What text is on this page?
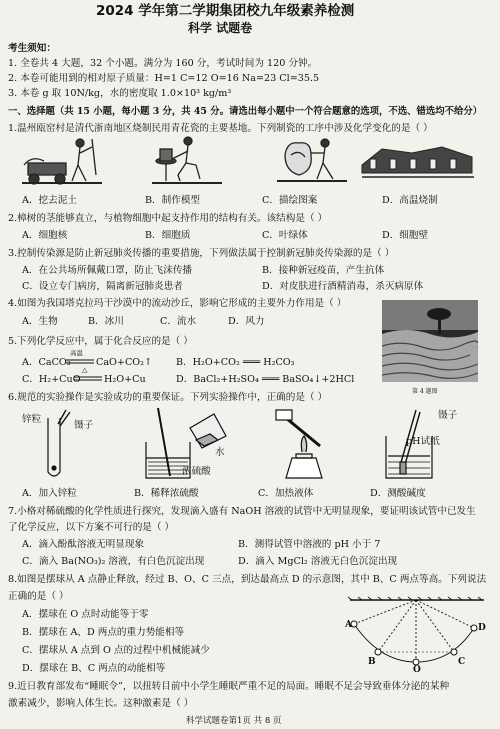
2024 学年第二学期集团校九年级素养检测
科学 试题卷
考生须知：
1. 全卷共 4 大题，32 个小题。满分为 160 分，考试时间为 120 分钟。
2. 本卷可能用到的相对原子质量：H=1 C=12 O=16 Na=23 Cl=35.5
3. 本卷 g 取 10N/kg，水的密度取 1.0×10³ kg/m³
一、选择题（共 15 小题，每小题 3 分，共 45 分。请选出每小题中一个符合题意的选项，不选、错选均不给分）
1.温州瓯窑村是清代浙南地区烧制民用青花瓷的主要基地。下列制瓷的工序中涉及化学变化的是（ ）
A．挖去泥土	B．制作模型	C．描绘图案	D．高温烧制
2.樟树的茎能够直立，与植物细胞中起支持作用的结构有关。该结构是（ ）
A．细胞核	B．细胞质	C．叶绿体	D．细胞壁
3.控制传染源是防止新冠肺炎传播的重要措施，下列做法属于控制新冠肺炎传染源的是（ ）
A．在公共场所佩戴口罩，防止飞沫传播	B．接种新冠疫苗，产生抗体
C．设立专门病房，隔离新冠肺炎患者	D．对皮肤进行酒精消毒，杀灭病原体
4.如图为我国塔克拉玛干沙漠中的流动沙丘，影响它形成的主要外力作用是（ ）
A．生物	B．冰川	C．流水	D．风力
第 4 题图
5.下列化学反应中，属于化合反应的是（ ）
A．CaCO₃
高温
CaO+CO₂↑ B．H₂O+CO₂ ═══ H₂CO₃
C．H₂+CuO
△
H₂O+Cu	D．BaCl₂+H₂SO₄ ═══ BaSO₄↓+2HCl
6.规范的实验操作是实验成功的重要保证。下列实验操作中，正确的是（ ）
锌粒
镊子
水
浓硫酸
镊子
pH试纸
A．加入锌粒	B．稀释浓硫酸	C．加热液体	D．测酸碱度
7.小格对稀硫酸的化学性质进行探究，发现滴入盛有 NaOH 溶液的试管中无明显现象，要证明该试管中已发生
了化学反应，以下方案不可行的是（ ）
A．滴入酚酞溶液无明显现象	B．测得试管中溶液的 pH 小于 7
C．滴入 Ba(NO₃)₂ 溶液，有白色沉淀出现	D．滴入 MgCl₂ 溶液无白色沉淀出现
8.如图是摆球从 A 点静止释放，经过 B、O、C 三点，到达最高点 D 的示意图，其中 B、C 两点等高。下列说法
正确的是（ ）
A．摆球在 O 点时动能等于零
B．摆球在 A、D 两点的重力势能相等
C．摆球从 A 点到 O 点的过程中机械能减少
D．摆球在 B、C 两点的动能相等
A
B
O
C
D
9.近日教育部发布“睡眠令”，以扭转目前中小学生睡眠严重不足的局面。睡眠不足会导致垂体分泌的某种
激素减少，影响人体生长。这种激素是（ ）
科学试题卷第1页 共 8 页
